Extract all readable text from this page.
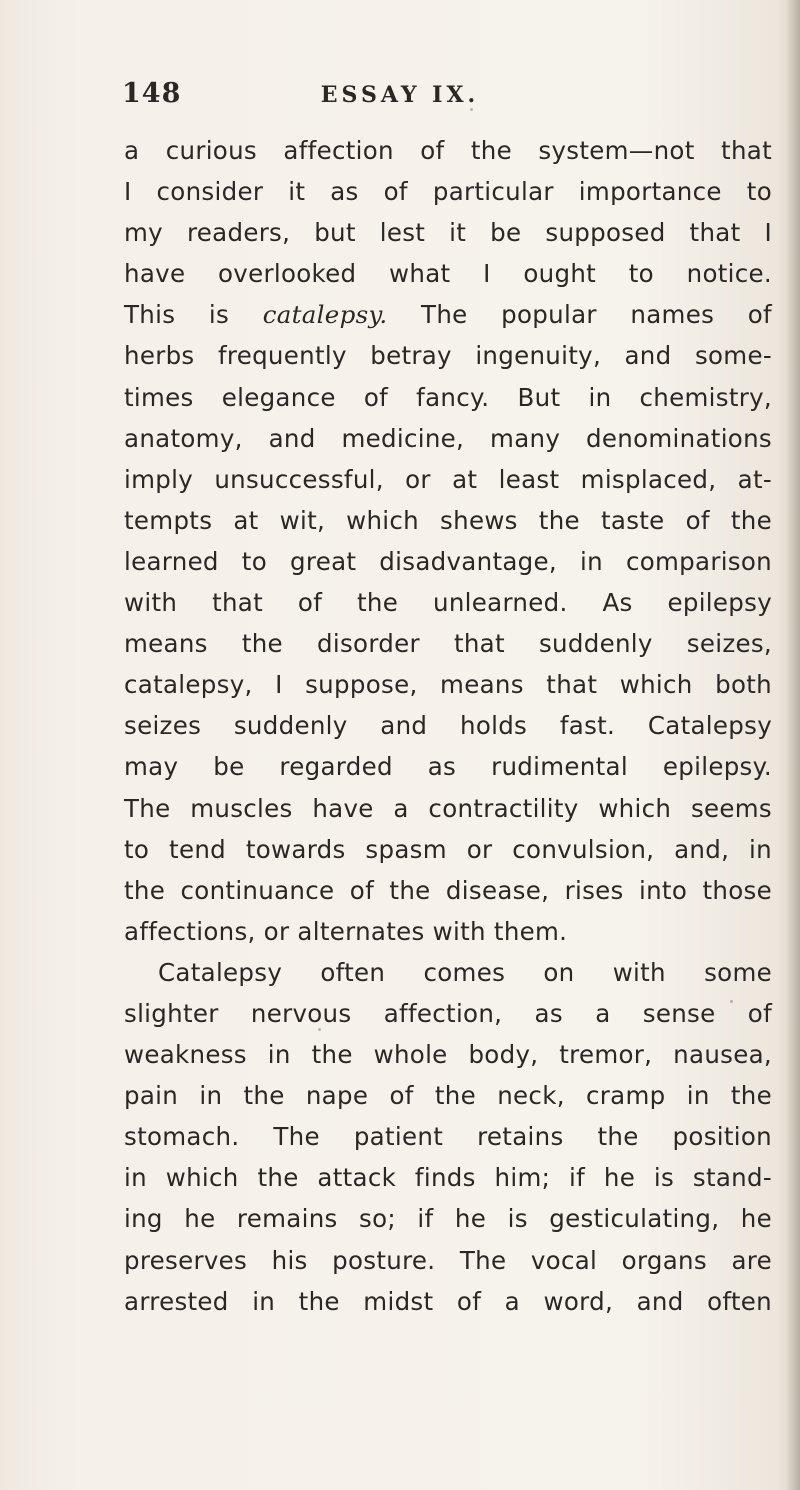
148	ESSAY IX.
a curious affection of the system—not that
I consider it as of particular importance to
my readers, but lest it be supposed that I
have overlooked what I ought to notice.
This is catalepsy. The popular names of
herbs frequently betray ingenuity, and some-
times elegance of fancy. But in chemistry,
anatomy, and medicine, many denominations
imply unsuccessful, or at least misplaced, at-
tempts at wit, which shews the taste of the
learned to great disadvantage, in comparison
with that of the unlearned. As epilepsy
means the disorder that suddenly seizes,
catalepsy, I suppose, means that which both
seizes suddenly and holds fast. Catalepsy
may be regarded as rudimental epilepsy.
The muscles have a contractility which seems
to tend towards spasm or convulsion, and, in
the continuance of the disease, rises into those
affections, or alternates with them.
Catalepsy often comes on with some
slighter nervous affection, as a sense of
weakness in the whole body, tremor, nausea,
pain in the nape of the neck, cramp in the
stomach. The patient retains the position
in which the attack finds him; if he is stand-
ing he remains so; if he is gesticulating, he
preserves his posture. The vocal organs are
arrested in the midst of a word, and often
